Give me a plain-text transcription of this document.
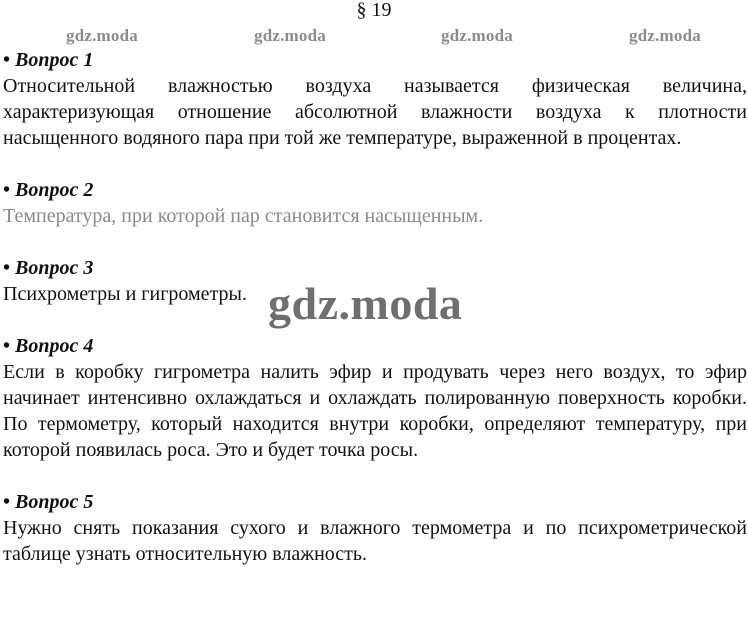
§ 19
gdz.moda	gdz.moda	gdz.moda	gdz.moda

• Вопрос 1

Относительной влажностью воздуха называется физическая величина, характеризующая отношение абсолютной влажности воздуха к плотности насыщенного водяного пара при той же температуре, выраженной в процентах.

• Вопрос 2

Температура, при которой пар становится насыщенным.

• Вопрос 3

Психрометры и гигрометры.

• Вопрос 4

Если в коробку гигрометра налить эфир и продувать через него воздух, то эфир начинает интенсивно охлаждаться и охлаждать полированную поверхность коробки. По термометру, который находится внутри коробки, определяют температуру, при которой появилась роса. Это и будет точка росы.

• Вопрос 5

Нужно снять показания сухого и влажного термометра и по психрометрической таблице узнать относительную влажность.

gdz.moda
